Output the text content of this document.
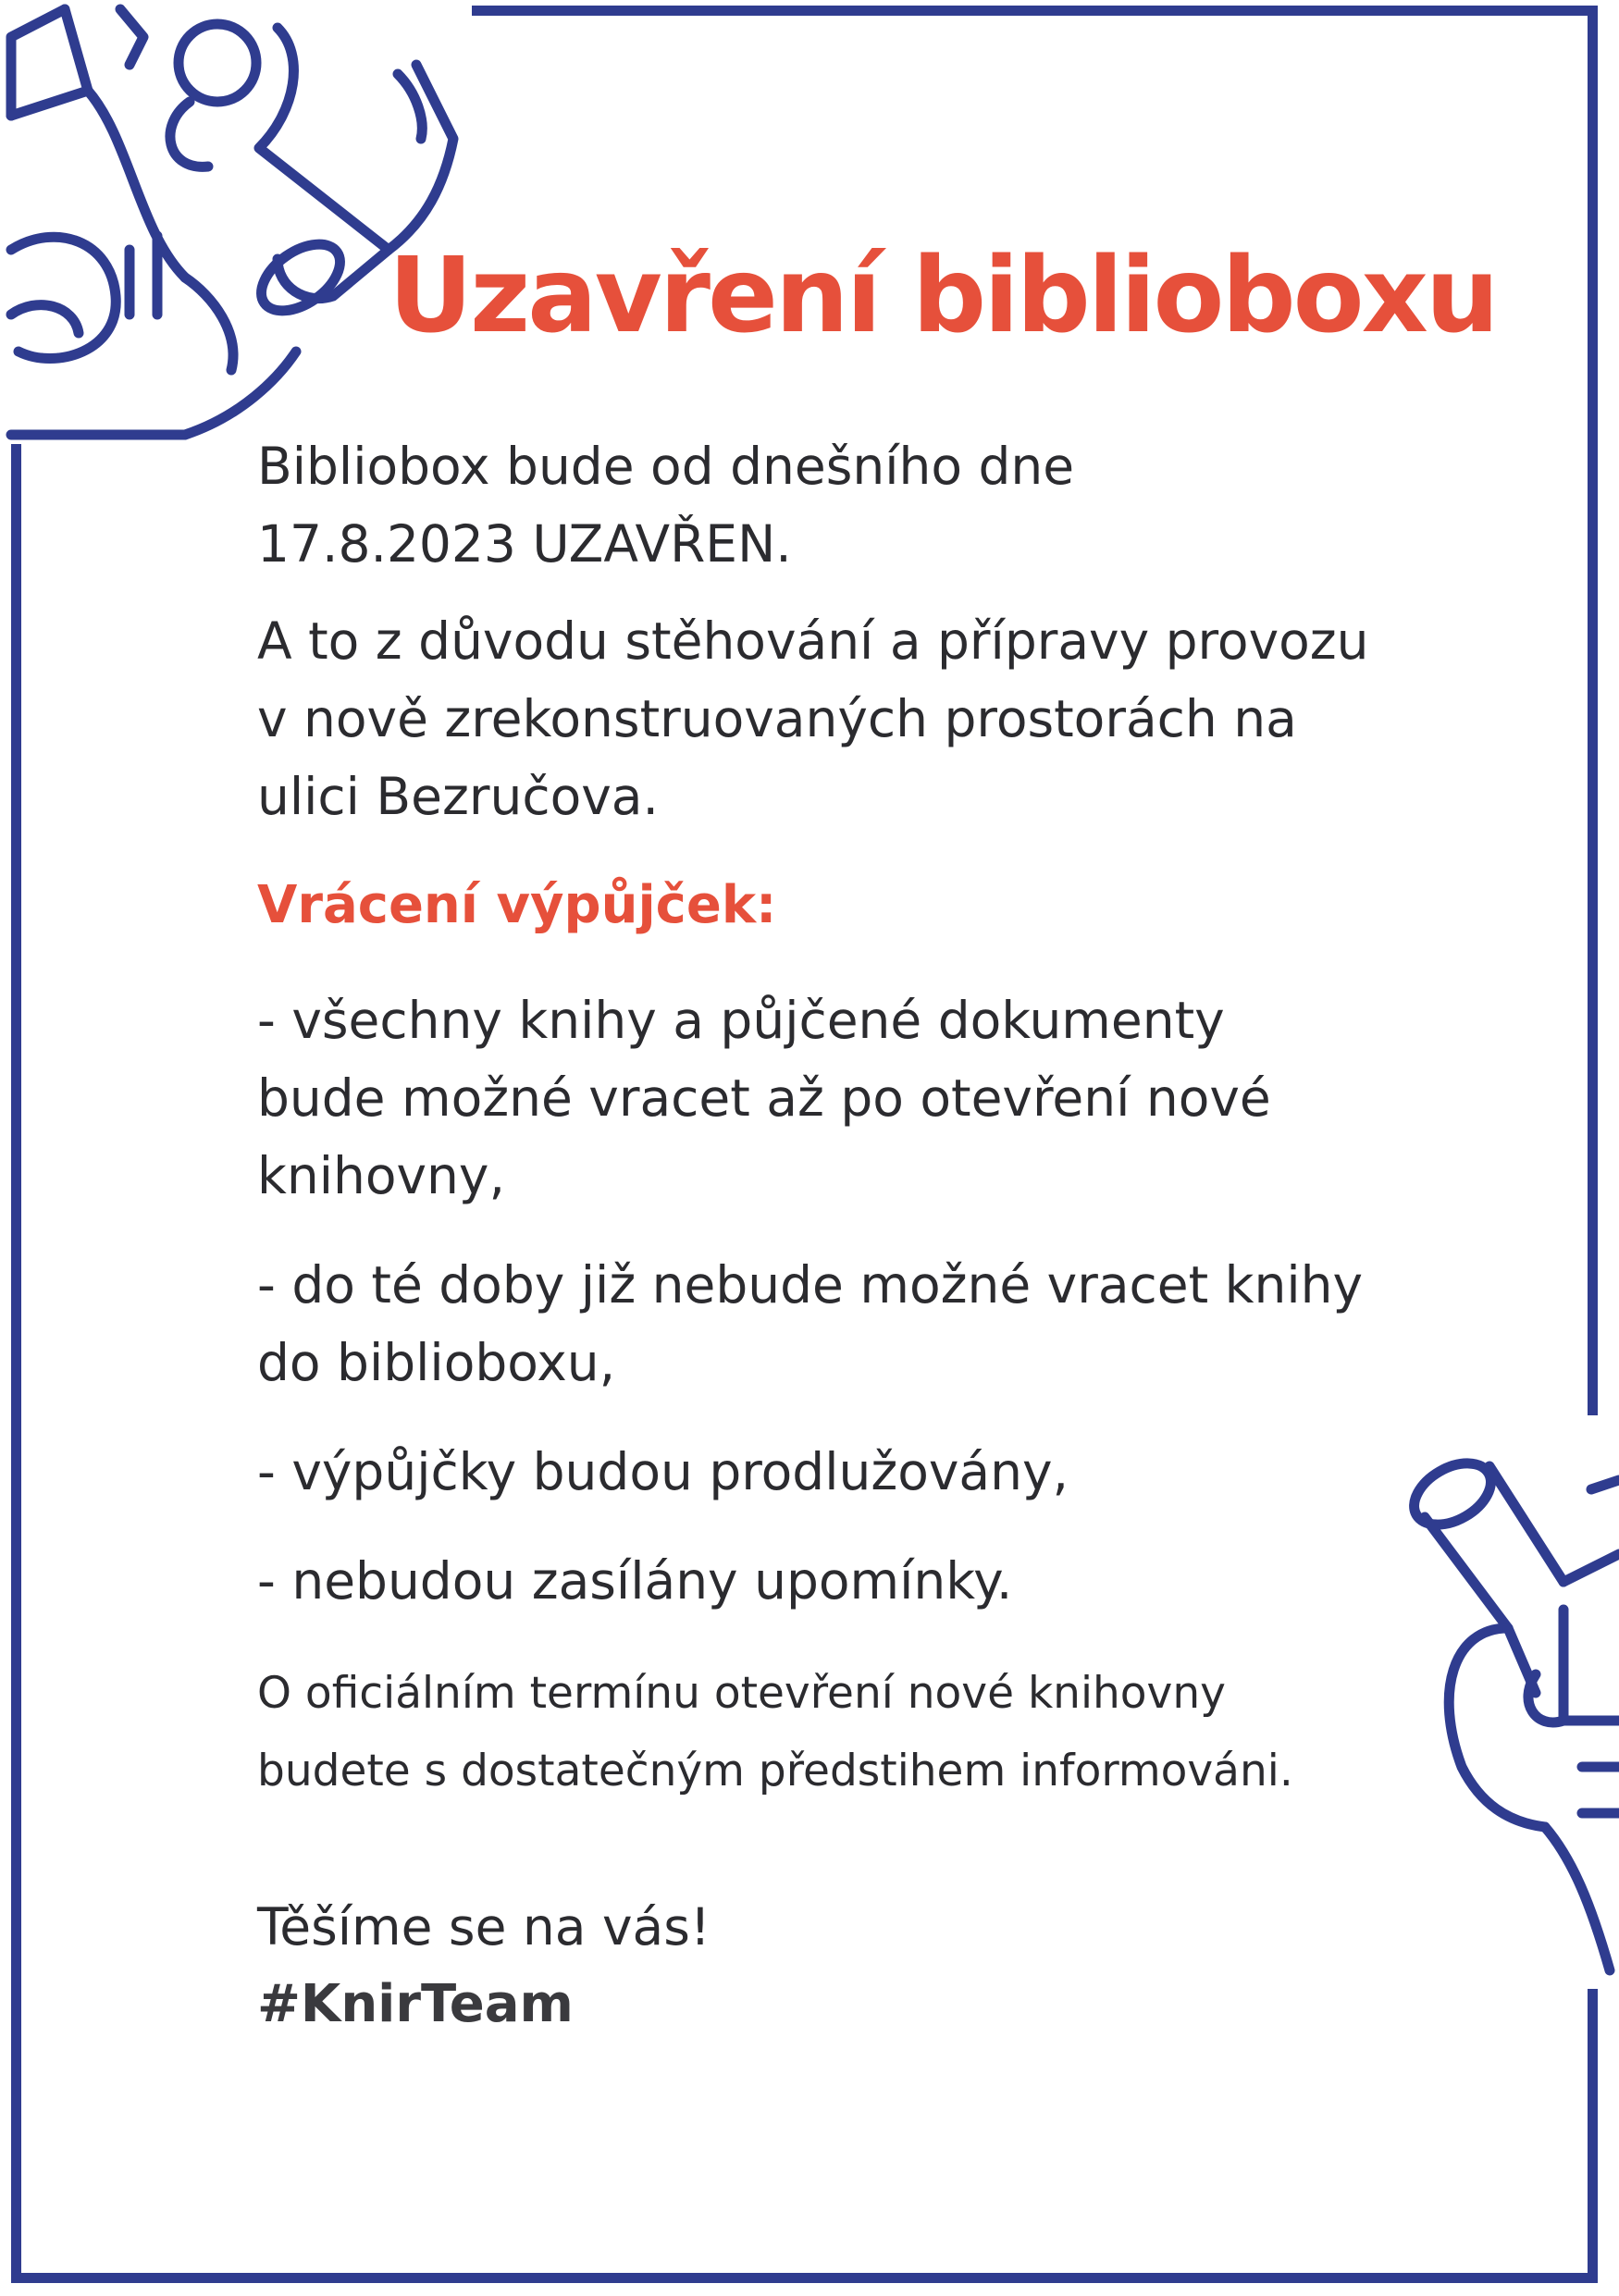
Uzavření biblioboxu

Bibliobox bude od dnešního dne
17.8.2023 UZAVŘEN.

A to z důvodu stěhování a přípravy provozu
v nově zrekonstruovaných prostorách na
ulici Bezručova.

Vrácení výpůjček:

- všechny knihy a půjčené dokumenty
bude možné vracet až po otevření nové
knihovny,

- do té doby již nebude možné vracet knihy
do biblioboxu,

- výpůjčky budou prodlužovány,

- nebudou zasílány upomínky.

O oficiálním termínu otevření nové knihovny
budete s dostatečným předstihem informováni.

Těšíme se na vás!

#KnirTeam
